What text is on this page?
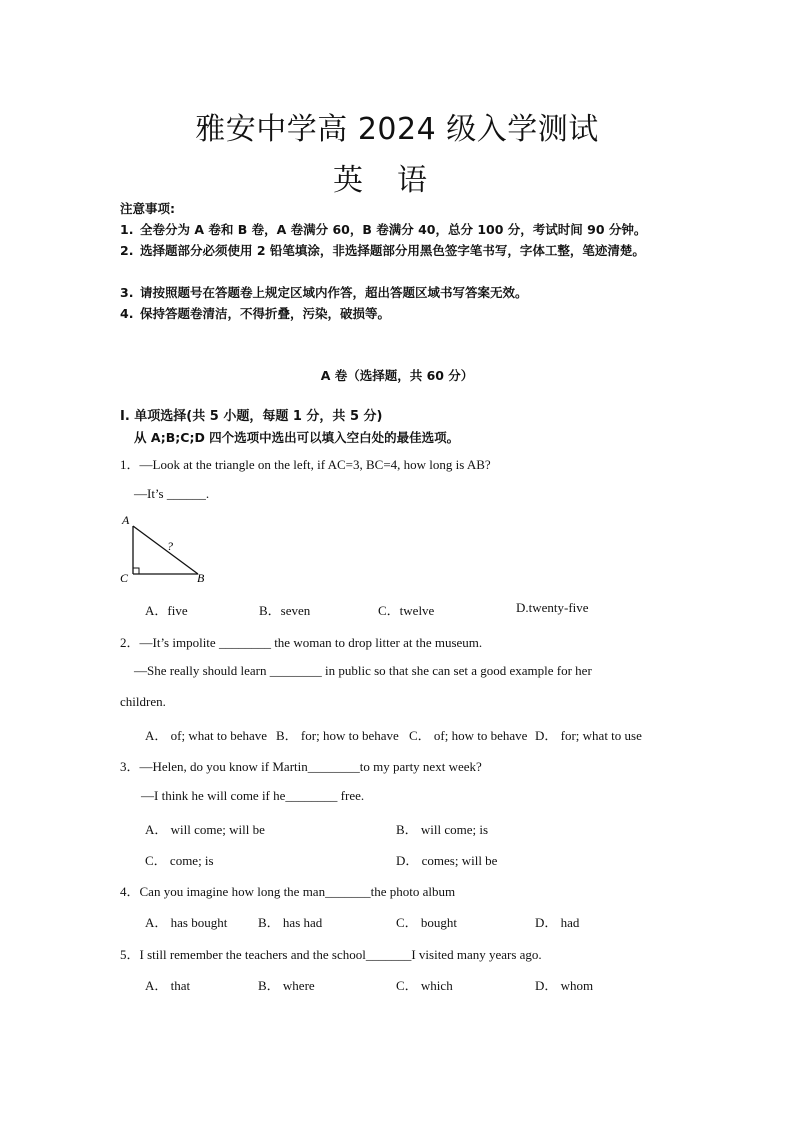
雅安中学高 2024 级入学测试
英语
注意事项:
1. 全卷分为 A 卷和 B 卷，A 卷满分 60，B 卷满分 40，总分 100 分，考试时间 90 分钟。
2. 选择题部分必须使用 2 铅笔填涂，非选择题部分用黑色签字笔书写，字体工整，笔迹清楚。
3. 请按照题号在答题卷上规定区域内作答，超出答题区域书写答案无效。
4. 保持答题卷清洁，不得折叠，污染，破损等。
A 卷（选择题，共 60 分）
Ⅰ. 单项选择(共 5 小题，每题 1 分，共 5 分)
从 A;B;C;D 四个选项中选出可以填入空白处的最佳选项。
1．—Look at the triangle on the left, if AC=3, BC=4, how long is AB?
—It’s ______.
A
C	B
?
A．five	B．seven	C．twelve	D.twenty-five
2．—It’s impolite ________ the woman to drop litter at the museum.
—She really should learn ________ in public so that she can set a good example for her
children.
A． of; what to behave B． for; how to behave C． of; how to behave D． for; what to use
3．—Helen, do you know if Martin________to my party next week?
—I think he will come if he________ free.
A． will come; will be	B． will come; is
C． come; is	D． comes; will be
4．Can you imagine how long the man_______the photo album
A． has bought B． has had	C． bought	D． had
5．I still remember the teachers and the school_______I visited many years ago.
A． that	B． where	C． which	D． whom
